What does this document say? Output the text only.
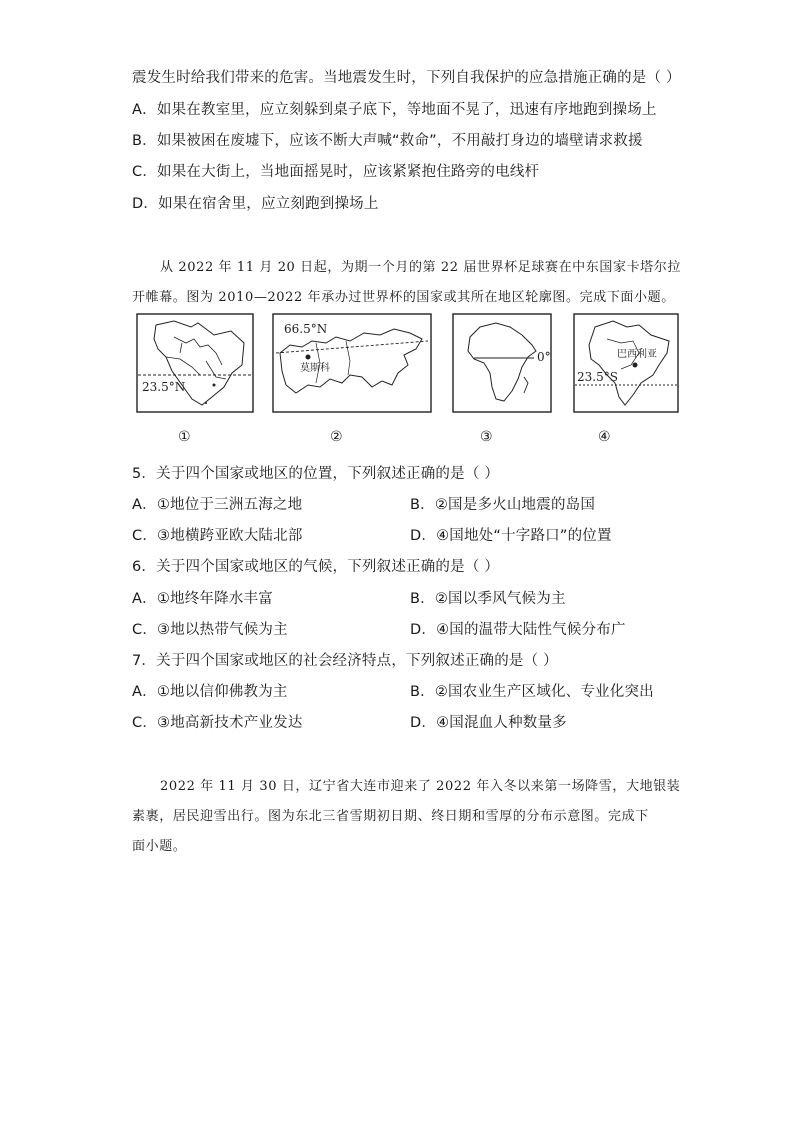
震发生时给我们带来的危害。当地震发生时，下列自我保护的应急措施正确的是（ ）
A．如果在教室里，应立刻躲到桌子底下，等地面不晃了，迅速有序地跑到操场上
B．如果被困在废墟下，应该不断大声喊“救命”，不用敲打身边的墙壁请求救援
C．如果在大街上，当地面摇晃时，应该紧紧抱住路旁的电线杆
D．如果在宿舍里，应立刻跑到操场上
从 2022 年 11 月 20 日起，为期一个月的第 22 届世界杯足球赛在中东国家卡塔尔拉
开帷幕。图为 2010—2022 年承办过世界杯的国家或其所在地区轮廓图。完成下面小题。
23.5°N
66.5°N
莫斯科
0°	巴西利亚
23.5°S
①	②	③	④
5．关于四个国家或地区的位置，下列叙述正确的是（ ）
A．①地位于三洲五海之地	B．②国是多火山地震的岛国
C．③地横跨亚欧大陆北部	D．④国地处“十字路口”的位置
6．关于四个国家或地区的气候，下列叙述正确的是（ ）
A．①地终年降水丰富	B．②国以季风气候为主
C．③地以热带气候为主	D．④国的温带大陆性气候分布广
7．关于四个国家或地区的社会经济特点，下列叙述正确的是（ ）
A．①地以信仰佛教为主	B．②国农业生产区域化、专业化突出
C．③地高新技术产业发达	D．④国混血人种数量多
2022 年 11 月 30 日，辽宁省大连市迎来了 2022 年入冬以来第一场降雪，大地银装
素裹，居民迎雪出行。图为东北三省雪期初日期、终日期和雪厚的分布示意图。完成下
面小题。
